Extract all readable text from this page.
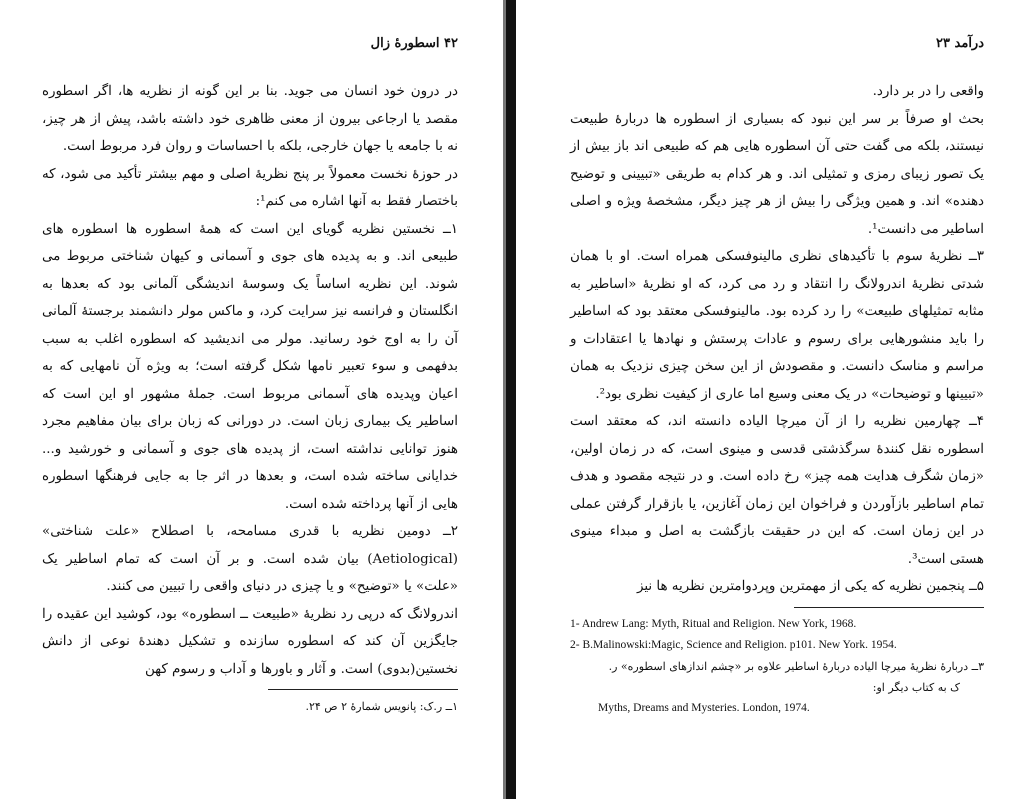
۴۲ اسطورهٔ زال

در درون خود انسان می جوید. بنا بر این گونه از نظریه ها، اگر اسطوره مقصد یا ارجاعی بیرون از معنی ظاهری خود داشته باشد، پیش از هر چیز، نه با جامعه یا جهان خارجی، بلکه با احساسات و روان فرد مربوط است.

در حوزهٔ نخست معمولاً بر پنج نظریهٔ اصلی و مهم بیشتر تأکید می شود، که باختصار فقط به آنها اشاره می کنم¹:

۱ــ نخستین نظریه گویای این است که همهٔ اسطوره ها اسطوره های طبیعی اند. و به پدیده های جوی و آسمانی و کیهان شناختی مربوط می شوند. این نظریه اساساً یک وسوسهٔ اندیشگی آلمانی بود که بعدها به انگلستان و فرانسه نیز سرایت کرد، و ماکس مولر دانشمند برجستهٔ آلمانی آن را به اوج خود رسانید. مولر می اندیشید که اسطوره اغلب به سبب بدفهمی و سوء تعبیر نامها شکل گرفته است؛ به ویژه آن نامهایی که به اعیان وپدیده های آسمانی مربوط است. جملهٔ مشهور او این است که اساطیر یک بیماری زبان است. در دورانی که زبان برای بیان مفاهیم مجرد هنوز توانایی نداشته است، از پدیده های جوی و آسمانی و خورشید و... خدایانی ساخته شده است، و بعدها در اثر جا به جایی فرهنگها اسطوره هایی از آنها پرداخته شده است.

۲ــ دومین نظریه با قدری مسامحه، با اصطلاح «علت شناختی» (Aetiological) بیان شده است. و بر آن است که تمام اساطیر یک «علت» یا «توضیح» و یا چیزی در دنیای واقعی را تبیین می کنند.

اندرولانگ که درپی رد نظریهٔ «طبیعت ــ اسطوره» بود، کوشید این عقیده را جایگزین آن کند که اسطوره سازنده و تشکیل دهندهٔ نوعی از دانش نخستین(بدوی) است. و آثار و باورها و آداب و رسوم کهن

۱ــ ر.ک: پانویس شمارهٔ ۲ ص ۲۴.
درآمد ۲۳

واقعی را در بر دارد.

بحث او صرفاً بر سر این نبود که بسیاری از اسطوره ها دربارهٔ طبیعت نیستند، بلکه می گفت حتی آن اسطوره هایی هم که طبیعی اند باز بیش از یک تصور زیبای رمزی و تمثیلی اند. و هر کدام به طریقی «تبیینی و توضیح دهنده» اند. و همین ویژگی را بیش از هر چیز دیگر، مشخصهٔ ویژه و اصلی اساطیر می دانست¹.

۳ــ نظریهٔ سوم با تأکیدهای نظری مالینوفسکی همراه است. او با همان شدتی نظریهٔ اندرولانگ را انتقاد و رد می کرد، که او نظریهٔ «اساطیر به مثابه تمثیلهای طبیعت» را رد کرده بود. مالینوفسکی معتقد بود که اساطیر را باید منشورهایی برای رسوم و عادات پرستش و نهادها یا اعتقادات و مراسم و مناسک دانست. و مقصودش از این سخن چیزی نزدیک به همان «تبیینها و توضیحات» در یک معنی وسیع اما عاری از کیفیت نظری بود².

۴ــ چهارمین نظریه را از آن میرچا الیاده دانسته اند، که معتقد است اسطوره نقل کنندهٔ سرگذشتی قدسی و مینوی است، که در زمان اولین، «زمان شگرف هدایت همه چیز» رخ داده است. و در نتیجه مقصود و هدف تمام اساطیر بازآوردن و فراخوان این زمان آغازین، یا بازقرار گرفتن عملی در این زمان است. که این در حقیقت بازگشت به اصل و مبداء مینوی هستی است³.

۵ــ پنجمین نظریه که یکی از مهمترین وپردوامترین نظریه ها نیز

1- Andrew Lang: Myth, Ritual and Religion. New York, 1968.
2- B.Malinowski:Magic, Science and Religion. p101. New York. 1954.
۳ــ دربارهٔ نظریهٔ میرچا الیاده دربارهٔ اساطیر علاوه بر «چشم اندازهای اسطوره» ر.
ک به کتاب دیگر او:
Myths, Dreams and Mysteries. London, 1974.
